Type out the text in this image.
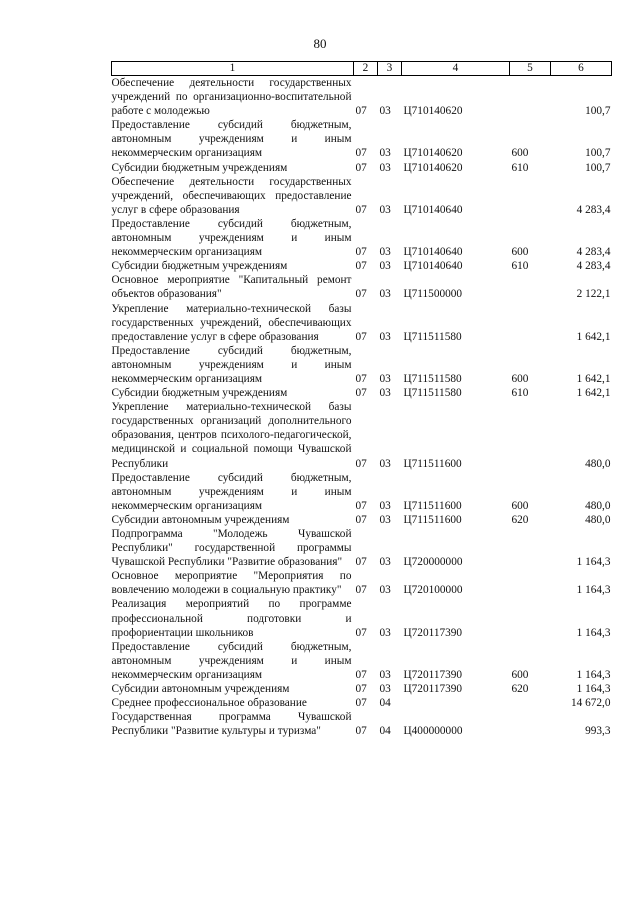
80
1	2	3	4	5	6
Обеспечение деятельности государственных учреждений по организационно-воспитательной работе с молодежью	07	03	Ц710140620		100,7
Предоставление субсидий бюджетным, автономным учреждениям и иным некоммерческим организациям	07	03	Ц710140620	600	100,7
Субсидии бюджетным учреждениям	07	03	Ц710140620	610	100,7
Обеспечение деятельности государственных учреждений, обеспечивающих предоставление услуг в сфере образования	07	03	Ц710140640		4 283,4
Предоставление субсидий бюджетным, автономным учреждениям и иным некоммерческим организациям	07	03	Ц710140640	600	4 283,4
Субсидии бюджетным учреждениям	07	03	Ц710140640	610	4 283,4
Основное мероприятие "Капитальный ремонт объектов образования"	07	03	Ц711500000		2 122,1
Укрепление материально-технической базы государственных учреждений, обеспечивающих предоставление услуг в сфере образования	07	03	Ц711511580		1 642,1
Предоставление субсидий бюджетным, автономным учреждениям и иным некоммерческим организациям	07	03	Ц711511580	600	1 642,1
Субсидии бюджетным учреждениям	07	03	Ц711511580	610	1 642,1
Укрепление материально-технической базы государственных организаций дополнительного образования, центров психолого-педагогической, медицинской и социальной помощи Чувашской Республики	07	03	Ц711511600		480,0
Предоставление субсидий бюджетным, автономным учреждениям и иным некоммерческим организациям	07	03	Ц711511600	600	480,0
Субсидии автономным учреждениям	07	03	Ц711511600	620	480,0
Подпрограмма "Молодежь Чувашской Республики" государственной программы Чувашской Республики "Развитие образования"	07	03	Ц720000000		1 164,3
Основное мероприятие "Мероприятия по вовлечению молодежи в социальную практику"	07	03	Ц720100000		1 164,3
Реализация мероприятий по программе профессиональной подготовки и профориентации школьников	07	03	Ц720117390		1 164,3
Предоставление субсидий бюджетным, автономным учреждениям и иным некоммерческим организациям	07	03	Ц720117390	600	1 164,3
Субсидии автономным учреждениям	07	03	Ц720117390	620	1 164,3
Среднее профессиональное образование	07	04			14 672,0
Государственная программа Чувашской Республики "Развитие культуры и туризма"	07	04	Ц400000000		993,3
